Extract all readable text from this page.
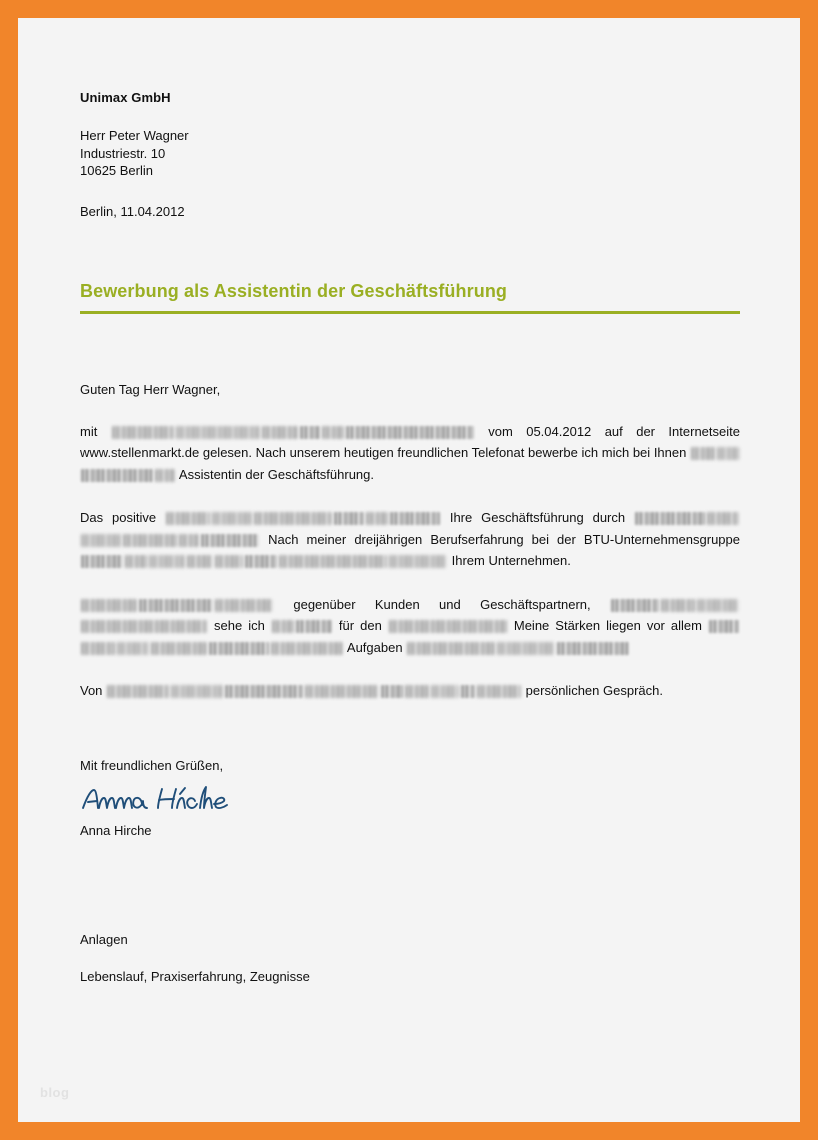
Unimax GmbH
Herr Peter Wagner
Industriestr. 10
10625 Berlin
Berlin, 11.04.2012
Bewerbung als Assistentin der Geschäftsführung

Guten Tag Herr Wagner,

mit	vom 05.04.2012 auf der Internetseite www.stellenmarkt.de gelesen. Nach unserem heutigen freundlichen Telefonat bewerbe ich mich bei Ihnen  Assistentin der Geschäftsführung.

Das positive	Ihre Geschäftsführung durch  Nach meiner dreijährigen Berufserfahrung bei der BTU-Unternehmensgruppe  Ihrem Unternehmen.

gegenüber Kunden und Geschäftspartnern,  sehe ich	für den	Meine Stärken liegen vor allem  Aufgaben

Von	persönlichen Gespräch.

Mit freundlichen Grüßen,

Anna Hirche

Anlagen

Lebenslauf, Praxiserfahrung, Zeugnisse

blog
